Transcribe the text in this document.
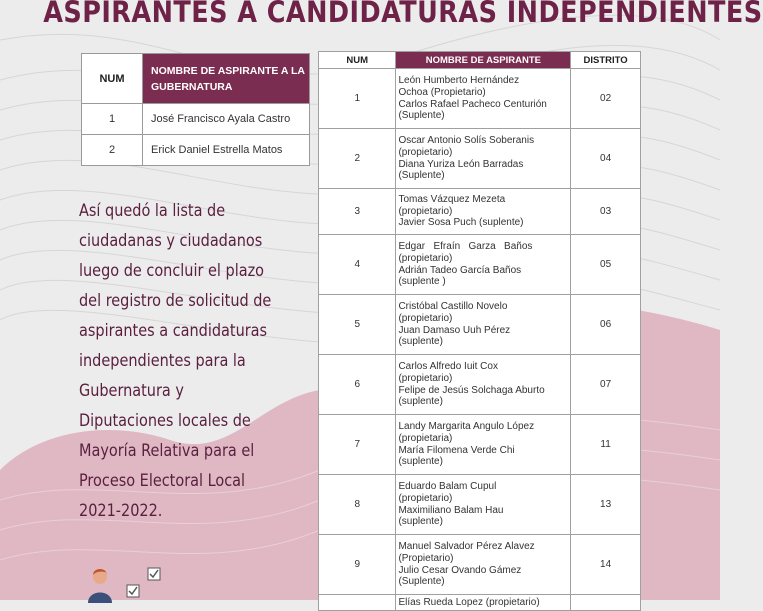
ASPIRANTES A CANDIDATURAS INDEPENDIENTES
NUM	NOMBRE DE ASPIRANTE A LA GUBERNATURA
1	José Francisco Ayala Castro
2	Erick Daniel Estrella Matos
Así quedó la lista de
ciudadanas y ciudadanos
luego de concluir el plazo
del registro de solicitud de
aspirantes a candidaturas
independientes para la
Gubernatura y
Diputaciones locales de
Mayoría Relativa para el
Proceso Electoral Local
2021-2022.
NUM	NOMBRE DE ASPIRANTE	DISTRITO
1	León Humberto Hernández
Ochoa (Propietario)
Carlos Rafael Pacheco Centurión
(Suplente)	02
2	Oscar Antonio Solís Soberanis
(propietario)
Diana Yuriza León Barradas
(Suplente)	04
3	Tomas Vázquez Mezeta
(propietario)
Javier Sosa Puch (suplente)	03
4	Edgar   Efraín   Garza   Baños
(propietario)
Adrián Tadeo García Baños
(suplente )	05
5	Cristóbal Castillo Novelo
(propietario)
Juan Damaso Uuh Pérez
(suplente)	06
6	Carlos Alfredo Iuit Cox
(propietario)
Felipe de Jesús Solchaga Aburto
(suplente)	07
7	Landy Margarita Angulo López
(propietaria)
María Filomena Verde Chi
(suplente)	11
8	Eduardo Balam Cupul
(propietario)
Maximiliano Balam Hau
(suplente)	13
9	Manuel Salvador Pérez Alavez
(Propietario)
Julio Cesar Ovando Gámez
(Suplente)	14

	Elías Rueda Lopez (propietario)	
